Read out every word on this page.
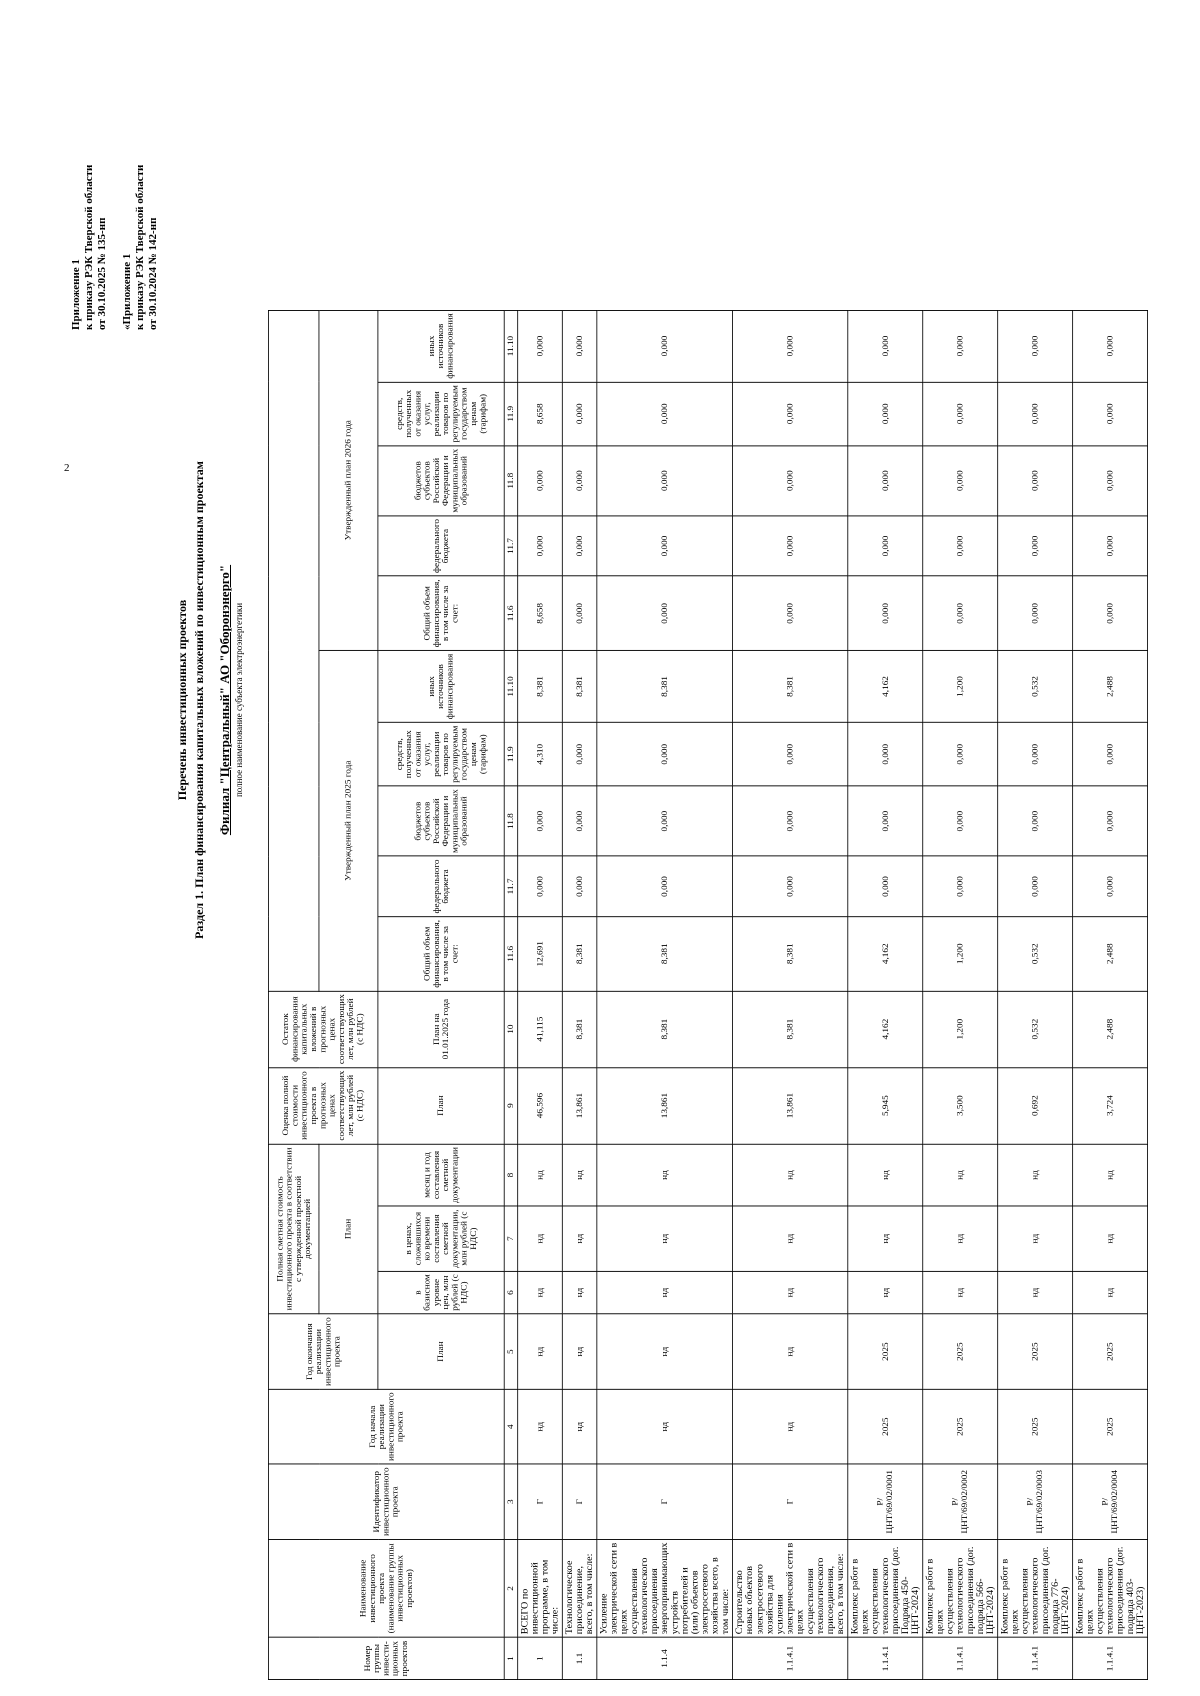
2
Перечень инвестиционных проектов Раздел 1. План финансирования капитальных вложений по инвестиционным проектам Филиал "Центральный" АО "Оборонэнерго" полное наименование субъекта электроэнергетики
Приложение 1 к приказу РЭК Тверской области от 30.10.2025 № 135-нп «Приложение 1 к приказу РЭК Тверской области от 30.10.2024 № 142-нп
Номер группы инвести-ционных проектов	Наименование инвестиционного проекта (наименование группы инвестиционных проектов)	Идентификатор инвестиционного проекта	Год начала реализации инвестиционного проекта	Год окончания реализации инвестиционного проекта	Полная сметная стоимость инвестиционного проекта в соответствии с утвержденной проектной документацией			Оценка полной стоимости инвестиционного проекта в прогнозных ценах соответствующих лет, млн рублей (с НДС)	Остаток финансирования капитальных вложений в прогнозных ценах соответствующих лет, млн рублей (с НДС)										
					План					Утвержденный план 2025 года					Утвержденный план 2026 года				
				План	в базисном уровне цен, млн рублей (с НДС)	в ценах, сложившихся ко времени составления сметной документации, млн рублей (с НДС)	месяц и год составления сметной документации	План	План на 01.01.2025 года	Общий объем финансирования, в том числе за счет:	федерального бюджета	бюджетов субъектов Российской Федерации и муниципальных образований	средств, полученных от оказания услуг, реализации товаров по регулируемым государством ценам (тарифам)	иных источников финансирования	Общий объем финансирования, в том числе за счет:	федерального бюджета	бюджетов субъектов Российской Федерации и муниципальных образований	средств, полученных от оказания услуг, реализации товаров по регулируемым государством ценам (тарифам)	иных источников финансирования
1	2	3	4	5	6	7	8	9	10	11.6	11.7	11.8	11.9	11.10	11.6	11.7	11.8	11.9	11.10
1	ВСЕГО по инвестиционной программе, в том числе:	Г	нд	нд	нд	нд	нд	46,596	41,115	12,691	0,000	0,000	4,310	8,381	8,658	0,000	0,000	8,658	0,000
1.1	Технологическое присоединение, всего, в том числе:	Г	нд	нд	нд	нд	нд	13,861	8,381	8,381	0,000	0,000	0,000	8,381	0,000	0,000	0,000	0,000	0,000
1.1.4	Усиление электрической сети в целях осуществления технологического присоединения энергопринимающих устройств потребителей и (или) объектов электросетевого хозяйства всего, в том числе:	Г	нд	нд	нд	нд	нд	13,861	8,381	8,381	0,000	0,000	0,000	8,381	0,000	0,000	0,000	0,000	0,000
1.1.4.1	Строительство новых объектов электросетевого хозяйства для усиления электрической сети в целях осуществления технологического присоединения, всего, в том числе:	Г	нд	нд	нд	нд	нд	13,861	8,381	8,381	0,000	0,000	0,000	8,381	0,000	0,000	0,000	0,000	0,000
1.1.4.1	Комплекс работ в целях осуществления технологического присоединения (дог. Подряда 450-ЦНТ-2024)	P/ЦНТ/69/02/0001	2025	2025	нд	нд	нд	5,945	4,162	4,162	0,000	0,000	0,000	4,162	0,000	0,000	0,000	0,000	0,000
1.1.4.1	Комплекс работ в целях осуществления технологического присоединения (дог. подряда 566-ЦНТ-2024)	P/ЦНТ/69/02/0002	2025	2025	нд	нд	нд	3,500	1,200	1,200	0,000	0,000	0,000	1,200	0,000	0,000	0,000	0,000	0,000
1.1.4.1	Комплекс работ в целях осуществления технологического присоединения (дог. подряда 776-ЦНТ-2024)	P/ЦНТ/69/02/0003	2025	2025	нд	нд	нд	0,692	0,532	0,532	0,000	0,000	0,000	0,532	0,000	0,000	0,000	0,000	0,000
1.1.4.1	Комплекс работ в целях осуществления технологического присоединения (дог. подряда 403-ЦНТ-2023)	P/ЦНТ/69/02/0004	2025	2025	нд	нд	нд	3,724	2,488	2,488	0,000	0,000	0,000	2,488	0,000	0,000	0,000	0,000	0,000
